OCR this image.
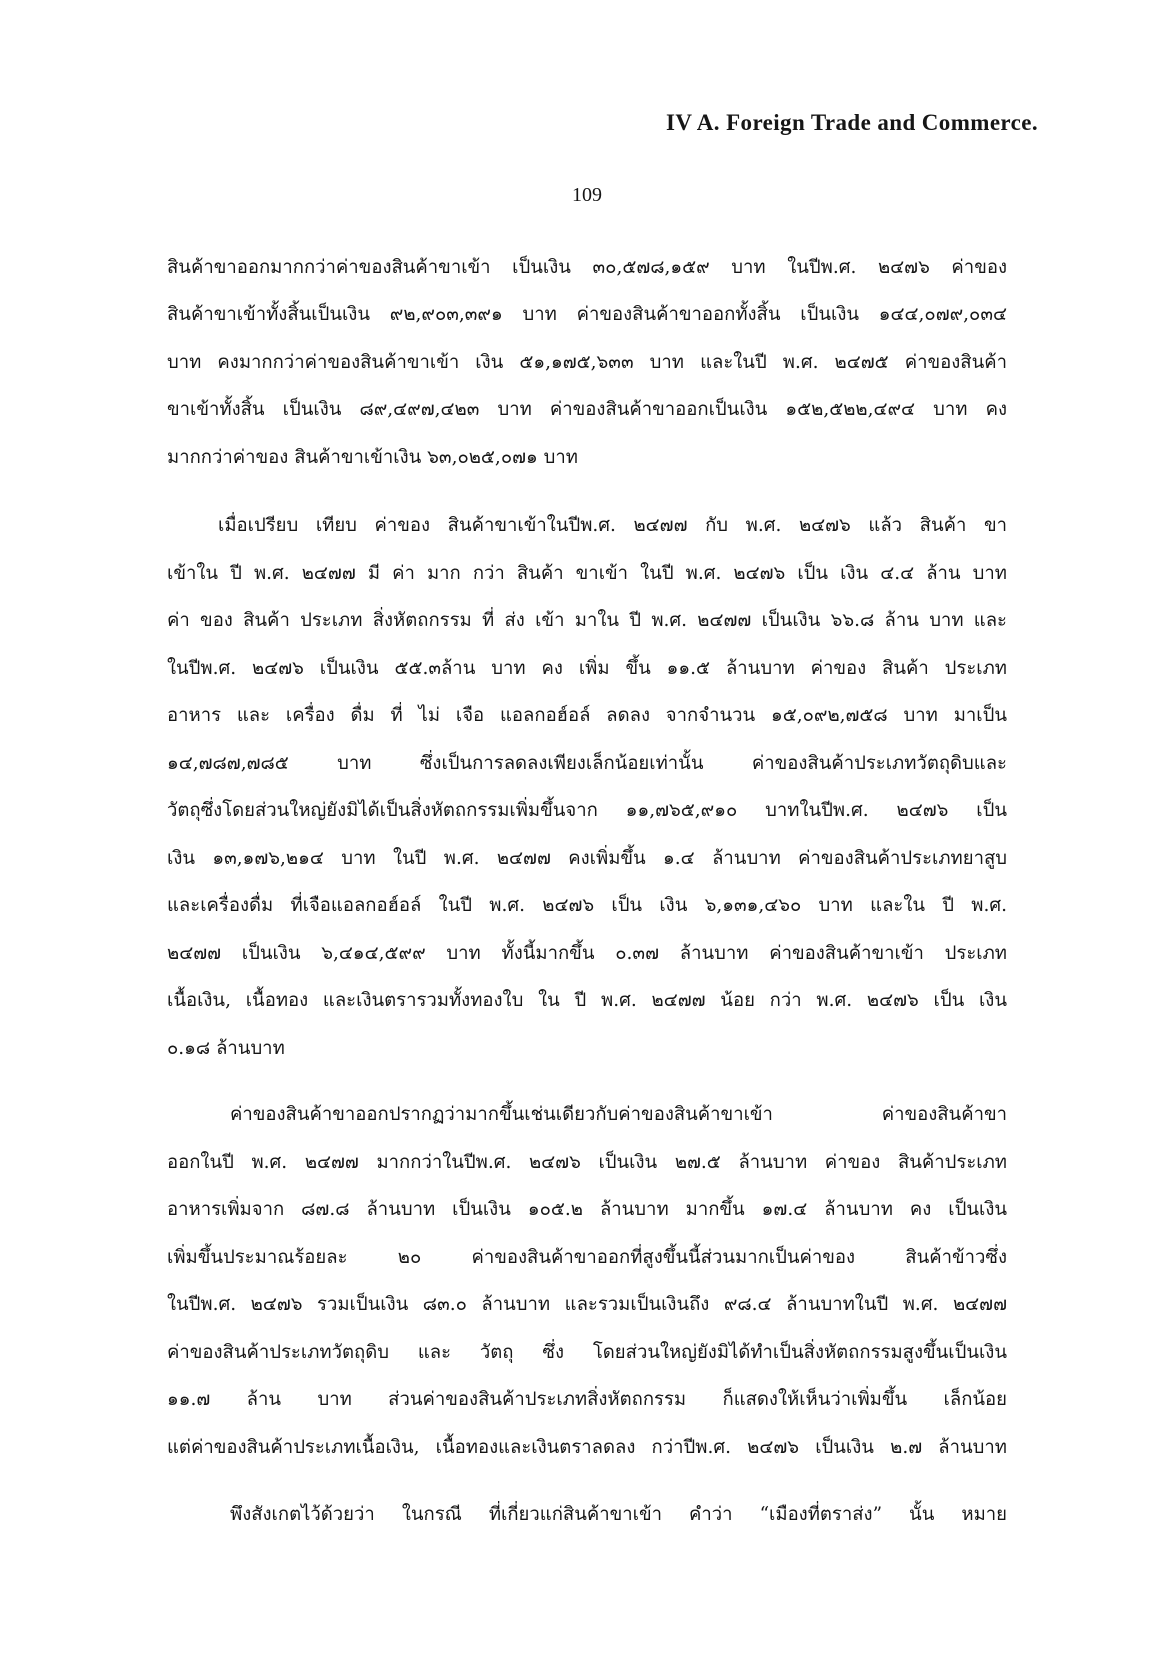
IV A. Foreign Trade and Commerce.
109
สินค้าขาออกมากกว่าค่าของสินค้าขาเข้า เป็นเงิน ๓๐,๕๗๘,๑๕๙ บาท ในปีพ.ศ. ๒๔๗๖ ค่าของ
สินค้าขาเข้าทั้งสิ้นเป็นเงิน ๙๒,๙๐๓,๓๙๑ บาท ค่าของสินค้าขาออกทั้งสิ้น เป็นเงิน ๑๔๔,๐๗๙,๐๓๔
บาท คงมากกว่าค่าของสินค้าขาเข้า เงิน ๕๑,๑๗๕,๖๓๓ บาท และในปี พ.ศ. ๒๔๗๕ ค่าของสินค้า
ขาเข้าทั้งสิ้น เป็นเงิน ๘๙,๔๙๗,๔๒๓ บาท ค่าของสินค้าขาออกเป็นเงิน ๑๕๒,๕๒๒,๔๙๔ บาท คง
มากกว่าค่าของ สินค้าขาเข้าเงิน ๖๓,๐๒๕,๐๗๑ บาท
เมื่อเปรียบ เทียบ ค่าของ สินค้าขาเข้าในปีพ.ศ. ๒๔๗๗ กับ พ.ศ. ๒๔๗๖ แล้ว สินค้า ขา
เข้าใน ปี พ.ศ. ๒๔๗๗ มี ค่า มาก กว่า สินค้า ขาเข้า ในปี พ.ศ. ๒๔๗๖ เป็น เงิน ๔.๔ ล้าน บาท
ค่า ของ สินค้า ประเภท สิ่งหัตถกรรม ที่ ส่ง เข้า มาใน ปี พ.ศ. ๒๔๗๗ เป็นเงิน ๖๖.๘ ล้าน บาท และ
ในปีพ.ศ. ๒๔๗๖ เป็นเงิน ๕๕.๓ล้าน บาท คง เพิ่ม ขึ้น ๑๑.๕ ล้านบาท ค่าของ สินค้า ประเภท
อาหาร และ เครื่อง ดื่ม ที่ ไม่ เจือ แอลกอฮ์อล์ ลดลง จากจำนวน ๑๕,๐๙๒,๗๕๘ บาท มาเป็น
๑๔,๗๘๗,๗๘๕ บาท ซึ่งเป็นการลดลงเพียงเล็กน้อยเท่านั้น ค่าของสินค้าประเภทวัตถุดิบและ
วัตถุซึ่งโดยส่วนใหญ่ยังมิได้เป็นสิ่งหัตถกรรมเพิ่มขึ้นจาก ๑๑,๗๖๕,๙๑๐ บาทในปีพ.ศ. ๒๔๗๖ เป็น
เงิน ๑๓,๑๗๖,๒๑๔ บาท ในปี พ.ศ. ๒๔๗๗ คงเพิ่มขึ้น ๑.๔ ล้านบาท ค่าของสินค้าประเภทยาสูบ
และเครื่องดื่ม ที่เจือแอลกอฮ์อล์ ในปี พ.ศ. ๒๔๗๖ เป็น เงิน ๖,๑๓๑,๔๖๐ บาท และใน ปี พ.ศ.
๒๔๗๗ เป็นเงิน ๖,๔๑๔,๕๙๙ บาท ทั้งนี้มากขึ้น ๐.๓๗ ล้านบาท ค่าของสินค้าขาเข้า ประเภท
เนื้อเงิน, เนื้อทอง และเงินตรารวมทั้งทองใบ ใน ปี พ.ศ. ๒๔๗๗ น้อย กว่า พ.ศ. ๒๔๗๖ เป็น เงิน
๐.๑๘ ล้านบาท
ค่าของสินค้าขาออกปรากฏว่ามากขึ้นเช่นเดียวกับค่าของสินค้าขาเข้า ค่าของสินค้าขา
ออกในปี พ.ศ. ๒๔๗๗ มากกว่าในปีพ.ศ. ๒๔๗๖ เป็นเงิน ๒๗.๕ ล้านบาท ค่าของ สินค้าประเภท
อาหารเพิ่มจาก ๘๗.๘ ล้านบาท เป็นเงิน ๑๐๕.๒ ล้านบาท มากขึ้น ๑๗.๔ ล้านบาท คง เป็นเงิน
เพิ่มขึ้นประมาณร้อยละ ๒๐ ค่าของสินค้าขาออกที่สูงขึ้นนี้ส่วนมากเป็นค่าของ สินค้าข้าวซึ่ง
ในปีพ.ศ. ๒๔๗๖ รวมเป็นเงิน ๘๓.๐ ล้านบาท และรวมเป็นเงินถึง ๙๘.๔ ล้านบาทในปี พ.ศ. ๒๔๗๗
ค่าของสินค้าประเภทวัตถุดิบ และ วัตถุ ซึ่ง โดยส่วนใหญ่ยังมิได้ทำเป็นสิ่งหัตถกรรมสูงขึ้นเป็นเงิน
๑๑.๗ ล้าน บาท ส่วนค่าของสินค้าประเภทสิ่งหัตถกรรม ก็แสดงให้เห็นว่าเพิ่มขึ้น เล็กน้อย
แต่ค่าของสินค้าประเภทเนื้อเงิน, เนื้อทองและเงินตราลดลง กว่าปีพ.ศ. ๒๔๗๖ เป็นเงิน ๒.๗ ล้านบาท
พึงสังเกตไว้ด้วยว่า ในกรณี ที่เกี่ยวแก่สินค้าขาเข้า คำว่า “เมืองที่ตราส่ง” นั้น หมาย
